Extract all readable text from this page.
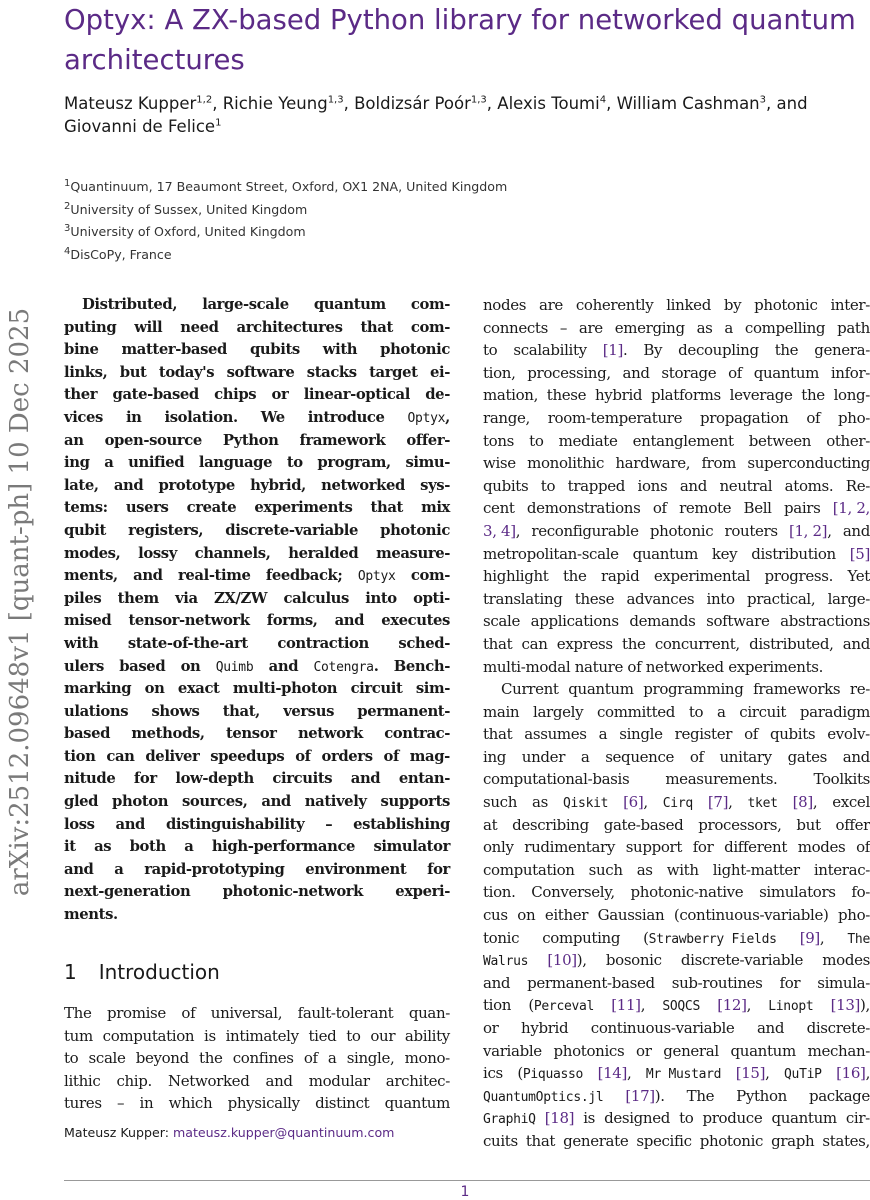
Optyx: A ZX-based Python library for networked quantum architectures
Mateusz Kupper$^{1,2}$, Richie Yeung$^{1,3}$, Boldizsár Poór$^{1,3}$, Alexis Toumi$^4$, William Cashman$^3$, and Giovanni de Felice$^1$
$^1$Quantinuum, 17 Beaumont Street, Oxford, OX1 2NA, United Kingdom
$^2$University of Sussex, United Kingdom
$^3$University of Oxford, United Kingdom
$^4$DisCoPy, France
arXiv:2512.09648v1 [quant-ph] 10 Dec 2025
Distributed, large-scale quantum com-
puting will need architectures that com-
bine matter-based qubits with photonic
links, but today's software stacks target ei-
ther gate-based chips or linear-optical de-
vices in isolation. We introduce Optyx,
an open-source Python framework offer-
ing a unified language to program, simu-
late, and prototype hybrid, networked sys-
tems: users create experiments that mix
qubit registers, discrete-variable photonic
modes, lossy channels, heralded measure-
ments, and real-time feedback; Optyx com-
piles them via ZX/ZW calculus into opti-
mised tensor-network forms, and executes
with state-of-the-art contraction sched-
ulers based on Quimb and Cotengra. Bench-
marking on exact multi-photon circuit sim-
ulations shows that, versus permanent-
based methods, tensor network contrac-
tion can deliver speedups of orders of mag-
nitude for low-depth circuits and entan-
gled photon sources, and natively supports
loss and distinguishability – establishing
it as both a high-performance simulator
and a rapid-prototyping environment for
next-generation photonic-network experi-
ments.
1 Introduction
The promise of universal, fault-tolerant quan-
tum computation is intimately tied to our ability
to scale beyond the confines of a single, mono-
lithic chip. Networked and modular architec-
tures – in which physically distinct quantum
nodes are coherently linked by photonic inter-
connects – are emerging as a compelling path
to scalability [1]. By decoupling the genera-
tion, processing, and storage of quantum infor-
mation, these hybrid platforms leverage the long-
range, room-temperature propagation of pho-
tons to mediate entanglement between other-
wise monolithic hardware, from superconducting
qubits to trapped ions and neutral atoms. Re-
cent demonstrations of remote Bell pairs [1, 2,
3, 4], reconfigurable photonic routers [1, 2], and
metropolitan-scale quantum key distribution [5]
highlight the rapid experimental progress. Yet
translating these advances into practical, large-
scale applications demands software abstractions
that can express the concurrent, distributed, and
multi-modal
nature
of
networked
experiments.
Current quantum programming frameworks re-
main largely committed to a circuit paradigm
that assumes a single register of qubits evolv-
ing under a sequence of unitary gates and
computational-basis measurements. Toolkits
such as Qiskit [6], Cirq [7], tket [8], excel
at describing gate-based processors, but offer
only rudimentary support for different modes of
computation such as with light-matter interac-
tion. Conversely, photonic-native simulators fo-
cus on either Gaussian (continuous-variable) pho-
tonic computing (Strawberry Fields [9], The
Walrus [10]), bosonic discrete-variable modes
and permanent-based sub-routines for simula-
tion (Perceval [11], SOQCS [12], Linopt [13]),
or hybrid continuous-variable and discrete-
variable photonics or general quantum mechan-
ics (Piquasso [14], Mr Mustard [15], QuTiP [16],
QuantumOptics.jl [17]). The Python package
GraphiQ [18] is designed to produce quantum cir-
cuits that generate specific photonic graph states,
Mateusz Kupper: mateusz.kupper@quantinuum.com
1
